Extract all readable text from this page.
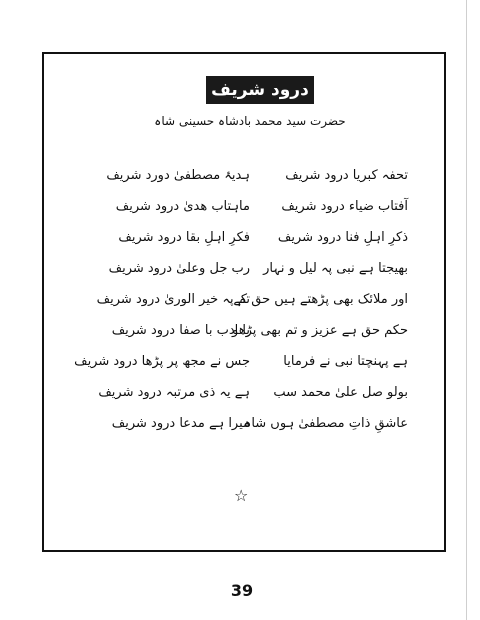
درود شریف
حضرت سید محمد بادشاہ حسینی شاہ
تحفہ کبریا درود شریف
آفتاب ضیاء درود شریف
ذکرِ اہلِ فنا درود شریف
بھیجتا ہے نبی پہ لیل و نہار
اور ملائک بھی پڑھتے ہیں حق کے
حکم حق ہے عزیز و تم بھی پڑھو
ہے پہنچتا نبی نے فرمایا
بولو صل علیٰ محمد سب
عاشقِ ذاتِ مصطفیٰ ہوں شاہ
ہدیۂ مصطفیٰ دورد شریف
ماہتاب ھدیٰ درود شریف
فکرِ اہلِ بقا درود شریف
رب جل وعلیٰ درود شریف
تم پہ خیر الوریٰ درود شریف
با ادب با صفا درود شریف
جس نے مجھ پر پڑھا درود شریف
ہے یہ ذی مرتبہ درود شریف
میرا ہے مدعا درود شریف
☆
39
